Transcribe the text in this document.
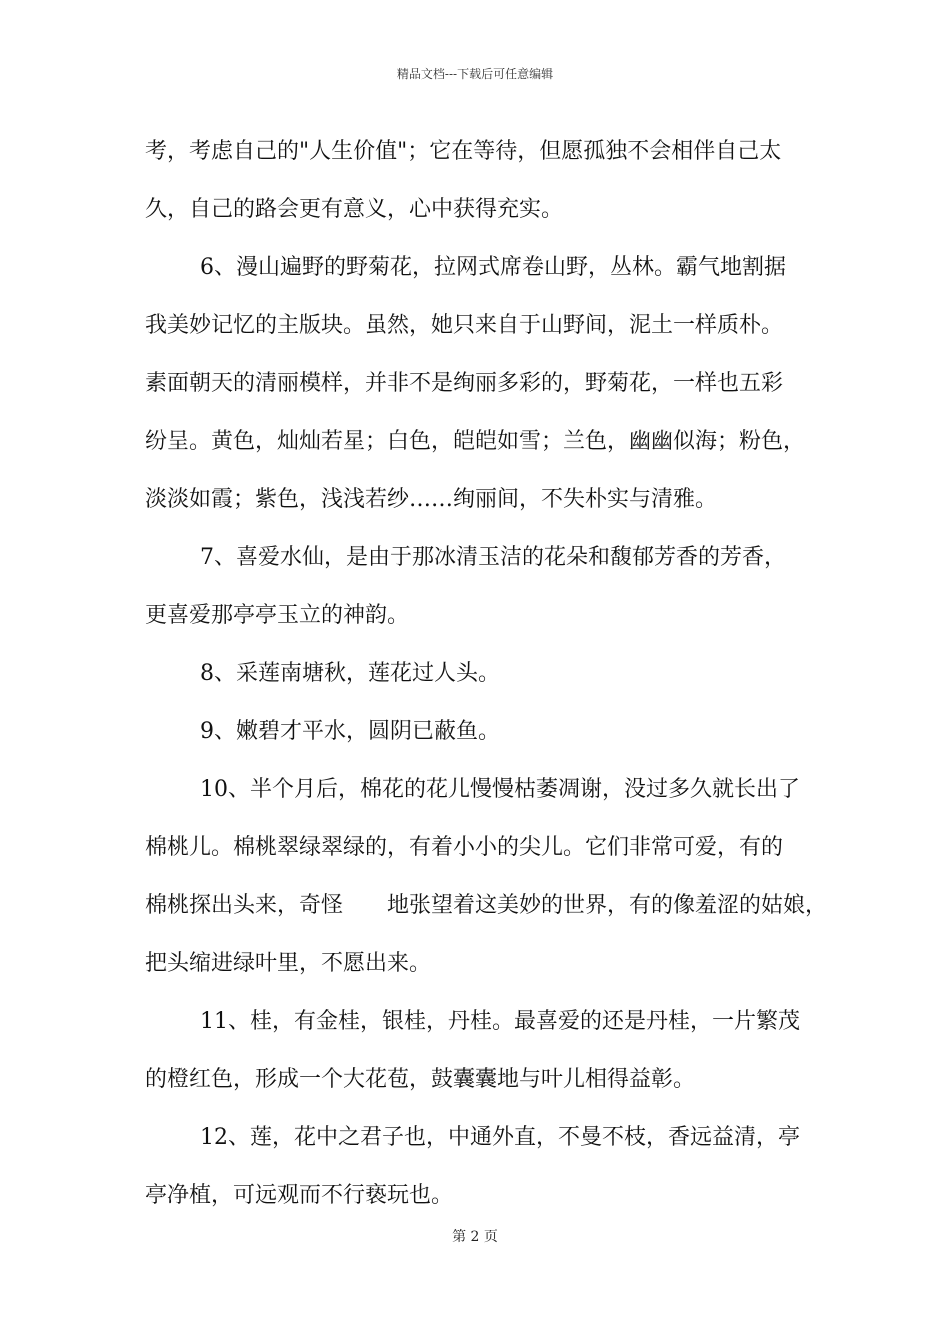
精品文档---下载后可任意编辑
考，考虑自己的"人生价值"；它在等待，但愿孤独不会相伴自己太
久，自己的路会更有意义，心中获得充实。
6、漫山遍野的野菊花，拉网式席卷山野，丛林。霸气地割据
我美妙记忆的主版块。虽然，她只来自于山野间，泥土一样质朴。
素面朝天的清丽模样，并非不是绚丽多彩的，野菊花，一样也五彩
纷呈。黄色，灿灿若星；白色，皑皑如雪；兰色，幽幽似海；粉色，
淡淡如霞；紫色，浅浅若纱……绚丽间，不失朴实与清雅。
7、喜爱水仙，是由于那冰清玉洁的花朵和馥郁芳香的芳香，
更喜爱那亭亭玉立的神韵。
8、采莲南塘秋，莲花过人头。
9、嫩碧才平水，圆阴已蔽鱼。
10、半个月后，棉花的花儿慢慢枯萎凋谢，没过多久就长出了
棉桃儿。棉桃翠绿翠绿的，有着小小的尖儿。它们非常可爱，有的
棉桃探出头来，奇怪　　地张望着这美妙的世界，有的像羞涩的姑娘，
把头缩进绿叶里，不愿出来。
11、桂，有金桂，银桂，丹桂。最喜爱的还是丹桂，一片繁茂
的橙红色，形成一个大花苞，鼓囊囊地与叶儿相得益彰。
12、莲，花中之君子也，中通外直，不曼不枝，香远益清，亭
亭净植，可远观而不行亵玩也。
第 2 页
